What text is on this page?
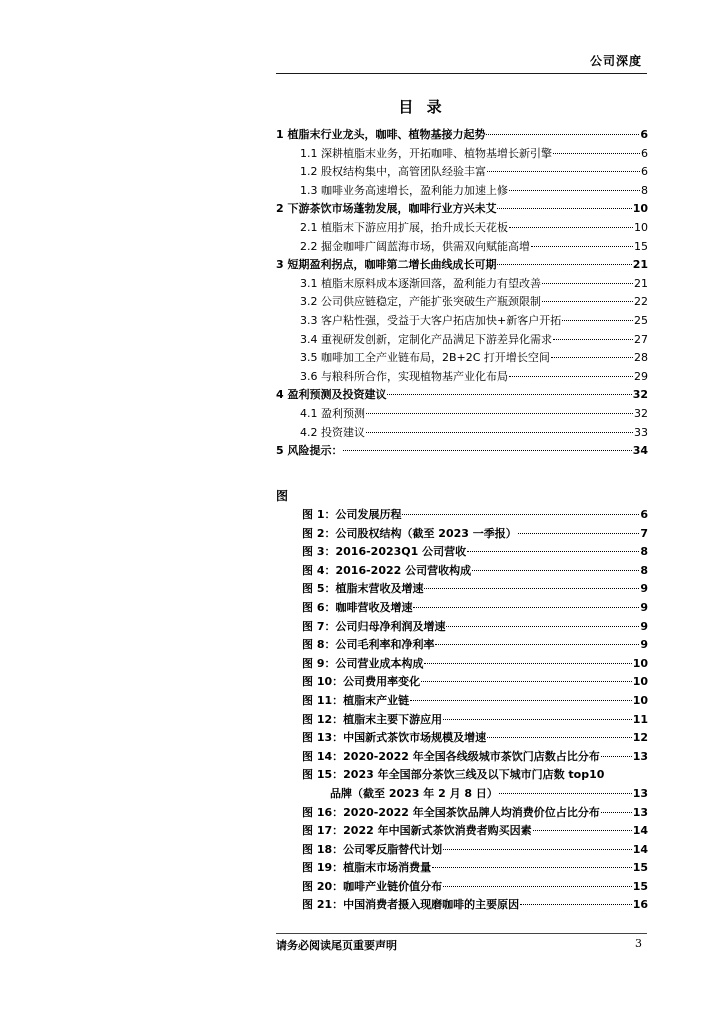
公司深度
目 录
1 植脂末行业龙头，咖啡、植物基接力起势	6
1.1 深耕植脂末业务，开拓咖啡、植物基增长新引擎	6
1.2 股权结构集中，高管团队经验丰富	6
1.3 咖啡业务高速增长，盈利能力加速上修	8
2 下游茶饮市场蓬勃发展，咖啡行业方兴未艾	10
2.1 植脂末下游应用扩展，抬升成长天花板	10
2.2 掘金咖啡广阔蓝海市场，供需双向赋能高增	15
3 短期盈利拐点，咖啡第二增长曲线成长可期	21
3.1 植脂末原料成本逐渐回落，盈利能力有望改善	21
3.2 公司供应链稳定，产能扩张突破生产瓶颈限制	22
3.3 客户粘性强，受益于大客户拓店加快+新客户开拓	25
3.4 重视研发创新，定制化产品满足下游差异化需求	27
3.5 咖啡加工全产业链布局，2B+2C 打开增长空间	28
3.6 与粮科所合作，实现植物基产业化布局	29
4 盈利预测及投资建议	32
4.1 盈利预测	32
4.2 投资建议	33
5 风险提示：	34
图
图 1：公司发展历程	6
图 2：公司股权结构（截至 2023 一季报）	7
图 3：2016-2023Q1 公司营收	8
图 4：2016-2022 公司营收构成	8
图 5：植脂末营收及增速	9
图 6：咖啡营收及增速	9
图 7：公司归母净利润及增速	9
图 8：公司毛利率和净利率	9
图 9：公司营业成本构成	10
图 10：公司费用率变化	10
图 11：植脂末产业链	10
图 12：植脂末主要下游应用	11
图 13：中国新式茶饮市场规模及增速	12
图 14：2020-2022 年全国各线级城市茶饮门店数占比分布	13
图 15：2023 年全国部分茶饮三线及以下城市门店数 top10
品牌（截至 2023 年 2 月 8 日）	13
图 16：2020-2022 年全国茶饮品牌人均消费价位占比分布	13
图 17：2022 年中国新式茶饮消费者购买因素	14
图 18：公司零反脂替代计划	14
图 19：植脂末市场消费量	15
图 20：咖啡产业链价值分布	15
图 21：中国消费者摄入现磨咖啡的主要原因	16
请务必阅读尾页重要声明	3
